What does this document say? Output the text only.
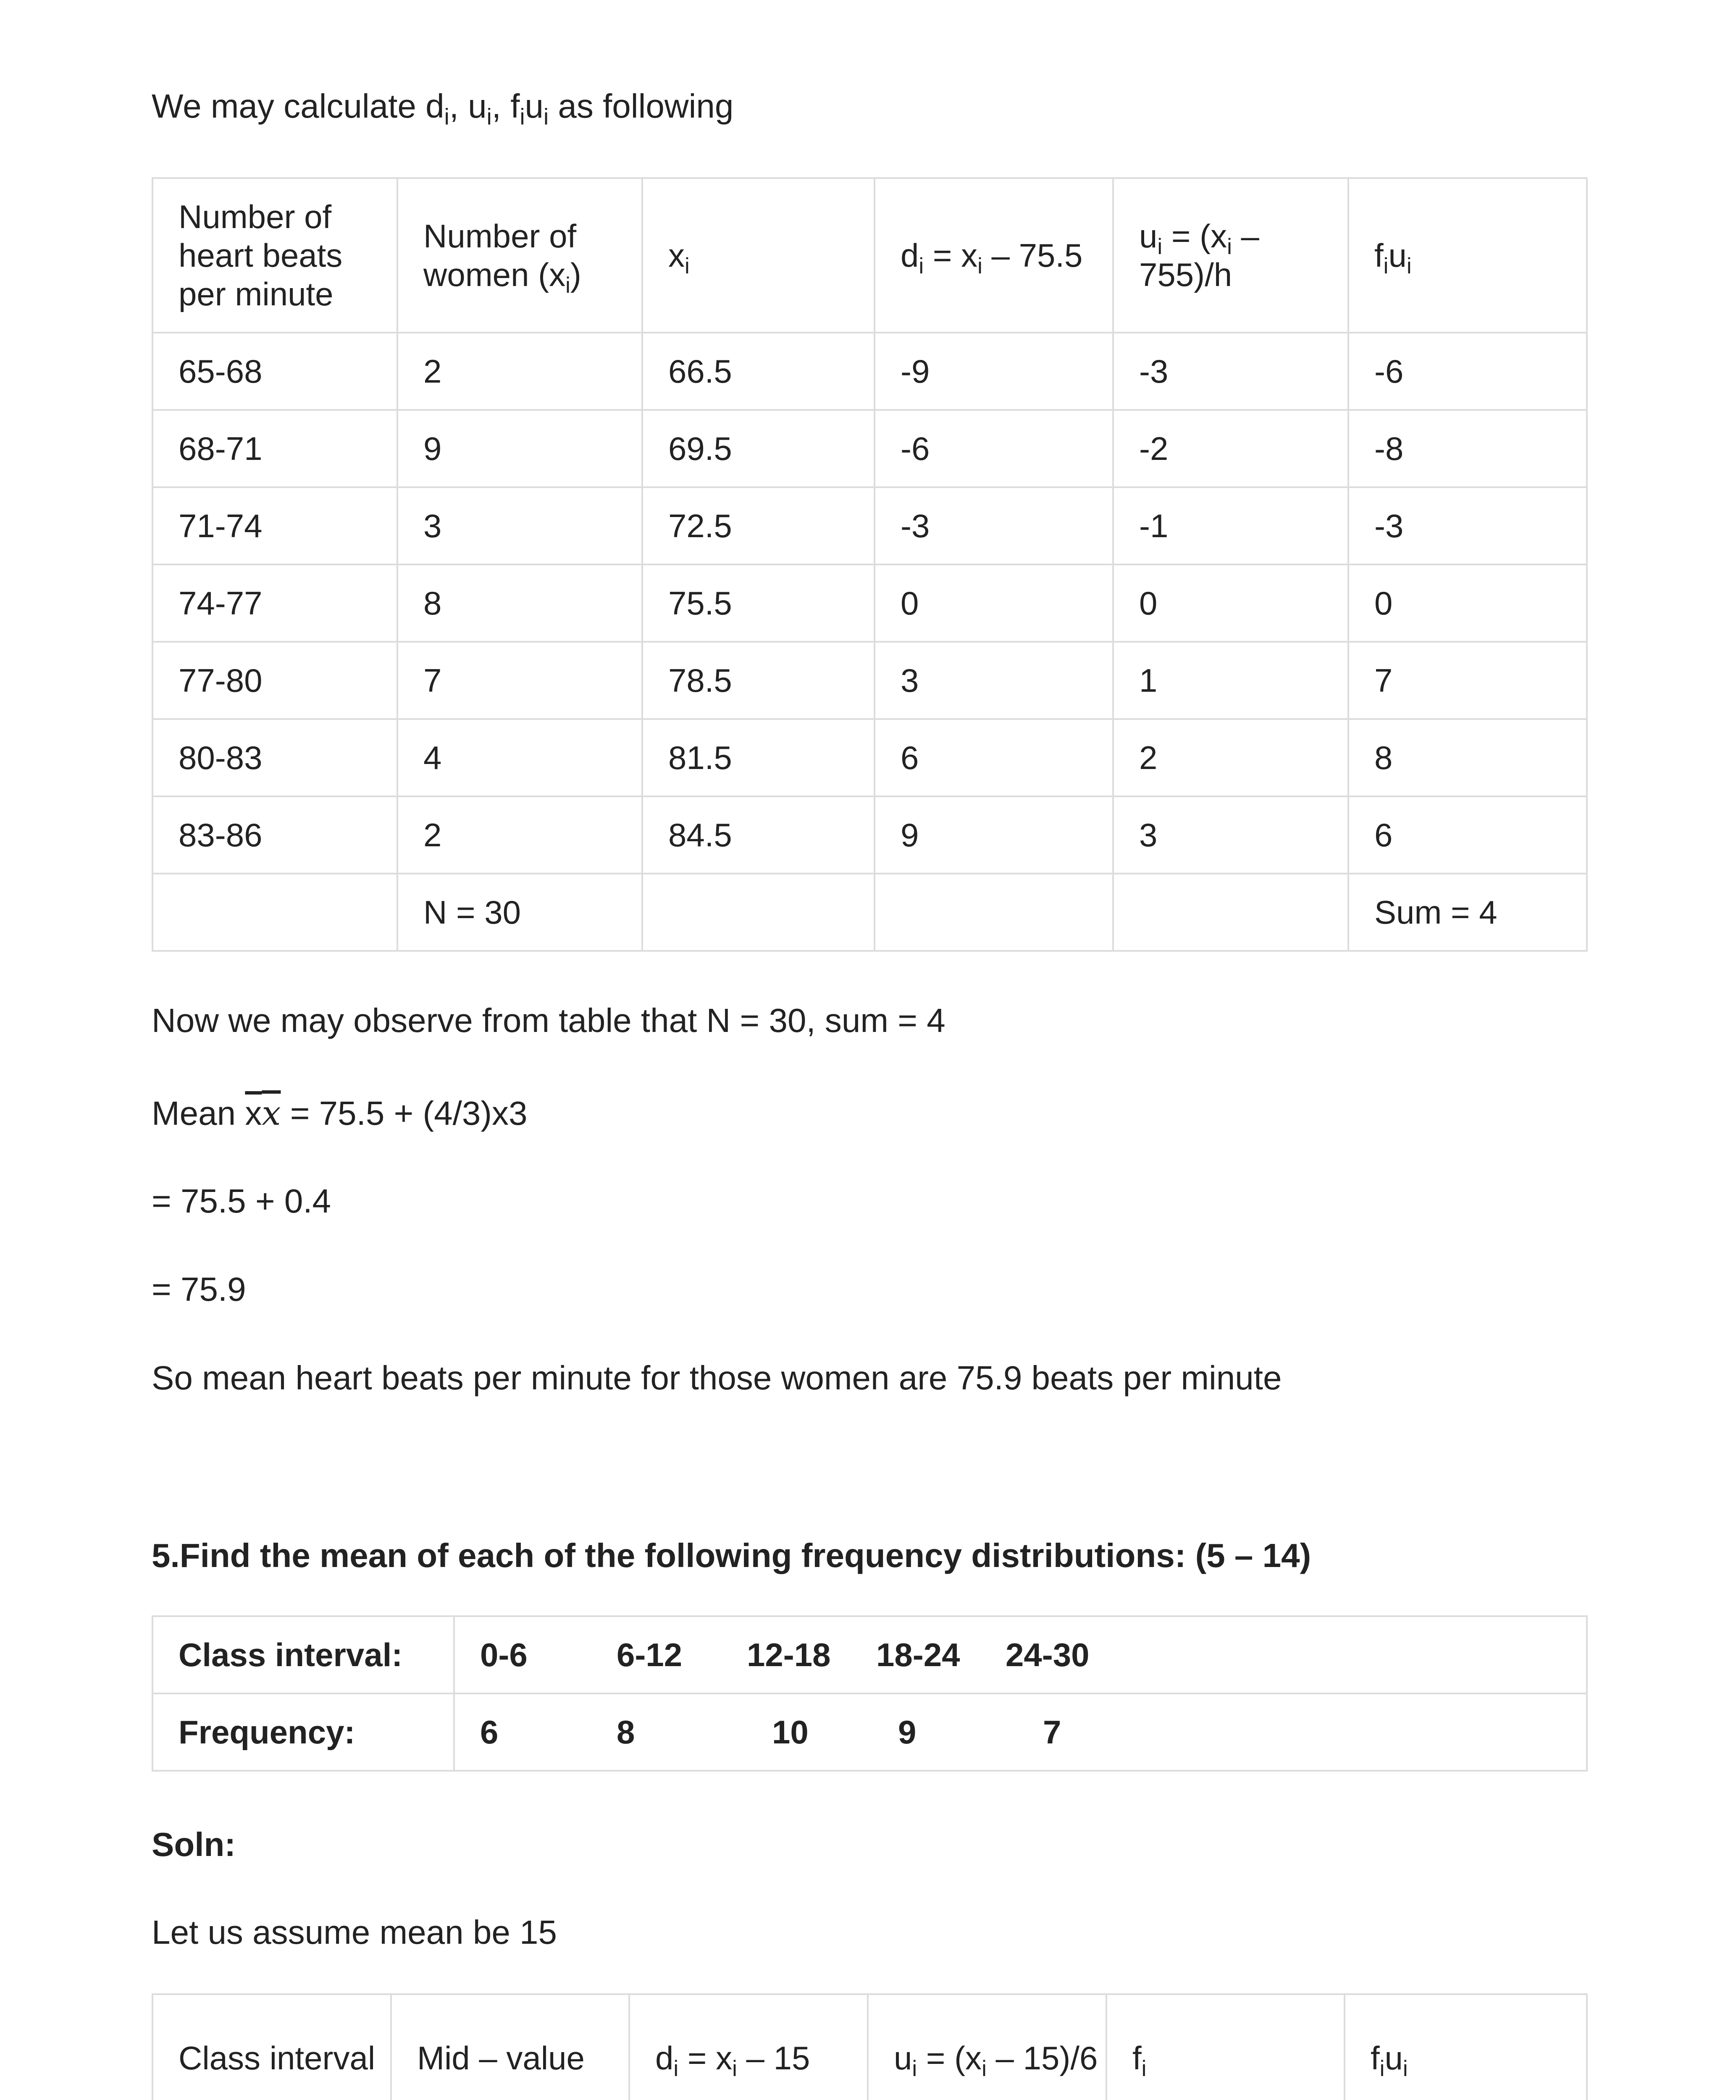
We may calculate $d_i$, $u_i$, $f_iu_i$ as following
Number of heart beats per minute	Number of women $(x_i)$	$x_i$	$d_i = x_i - 75.5$	$u_i = (x_i - 755)/h$	$f_iu_i$
65-68	2	66.5	-9	-3	-6
68-71	9	69.5	-6	-2	-8
71-74	3	72.5	-3	-1	-3
74-77	8	75.5	0	0	0
77-80	7	78.5	3	1	7
80-83	4	81.5	6	2	8
83-86	2	84.5	9	3	6
	N = 30				Sum = 4
Now we may observe from table that N = 30, sum = 4
Mean $\overline{x}\overline{x} = 75.5 + (4/3)x3$
= 75.5 + 0.4
= 75.9
So mean heart beats per minute for those women are 75.9 beats per minute
5.Find the mean of each of the following frequency distributions: (5 – 14)
Class interval:	0-6 6-12 12-18 18-24 24-30
Frequency:	6 8 10 9 7
Soln:
Let us assume mean be 15
Class interval	Mid – value	$d_i = x_i - 15$	$u_i = (x_i - 15)/6$	$f_i$	$f_iu_i$
